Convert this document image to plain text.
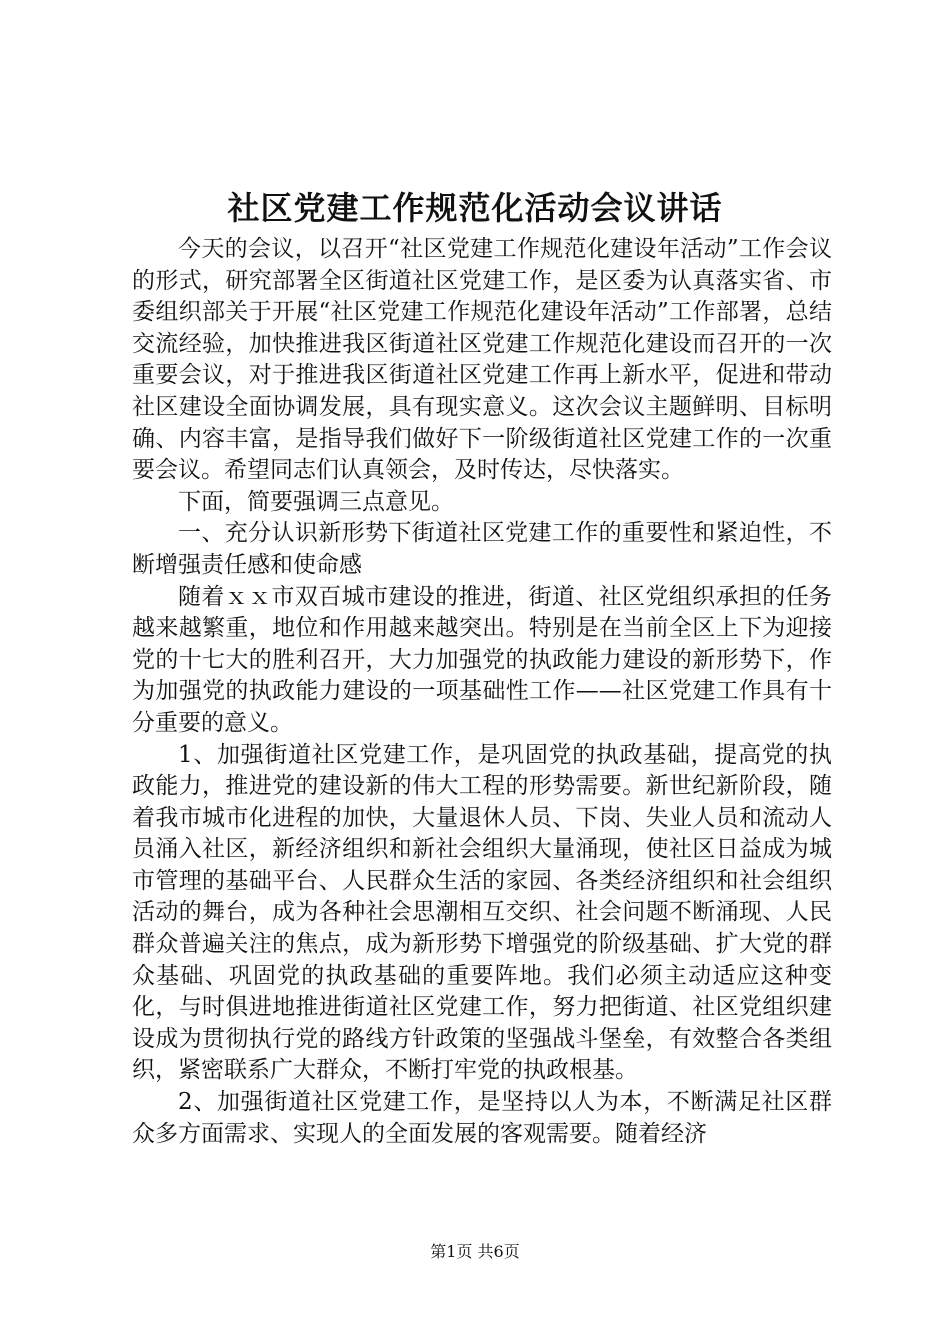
社区党建工作规范化活动会议讲话

今天的会议，以召开“社区党建工作规范化建设年活动”工作会议的形式，研究部署全区街道社区党建工作，是区委为认真落实省、市委组织部关于开展“社区党建工作规范化建设年活动”工作部署，总结交流经验，加快推进我区街道社区党建工作规范化建设而召开的一次重要会议，对于推进我区街道社区党建工作再上新水平，促进和带动社区建设全面协调发展，具有现实意义。这次会议主题鲜明、目标明确、内容丰富，是指导我们做好下一阶级街道社区党建工作的一次重要会议。希望同志们认真领会，及时传达，尽快落实。

下面，简要强调三点意见。

一、充分认识新形势下街道社区党建工作的重要性和紧迫性，不断增强责任感和使命感

随着ｘｘ市双百城市建设的推进，街道、社区党组织承担的任务越来越繁重，地位和作用越来越突出。特别是在当前全区上下为迎接党的十七大的胜利召开，大力加强党的执政能力建设的新形势下，作为加强党的执政能力建设的一项基础性工作——社区党建工作具有十分重要的意义。

1、加强街道社区党建工作，是巩固党的执政基础，提高党的执政能力，推进党的建设新的伟大工程的形势需要。新世纪新阶段，随着我市城市化进程的加快，大量退休人员、下岗、失业人员和流动人员涌入社区，新经济组织和新社会组织大量涌现，使社区日益成为城市管理的基础平台、人民群众生活的家园、各类经济组织和社会组织活动的舞台，成为各种社会思潮相互交织、社会问题不断涌现、人民群众普遍关注的焦点，成为新形势下增强党的阶级基础、扩大党的群众基础、巩固党的执政基础的重要阵地。我们必须主动适应这种变化，与时俱进地推进街道社区党建工作，努力把街道、社区党组织建设成为贯彻执行党的路线方针政策的坚强战斗堡垒，有效整合各类组织，紧密联系广大群众，不断打牢党的执政根基。

2、加强街道社区党建工作，是坚持以人为本，不断满足社区群众多方面需求、实现人的全面发展的客观需要。随着经济

第1页 共6页
